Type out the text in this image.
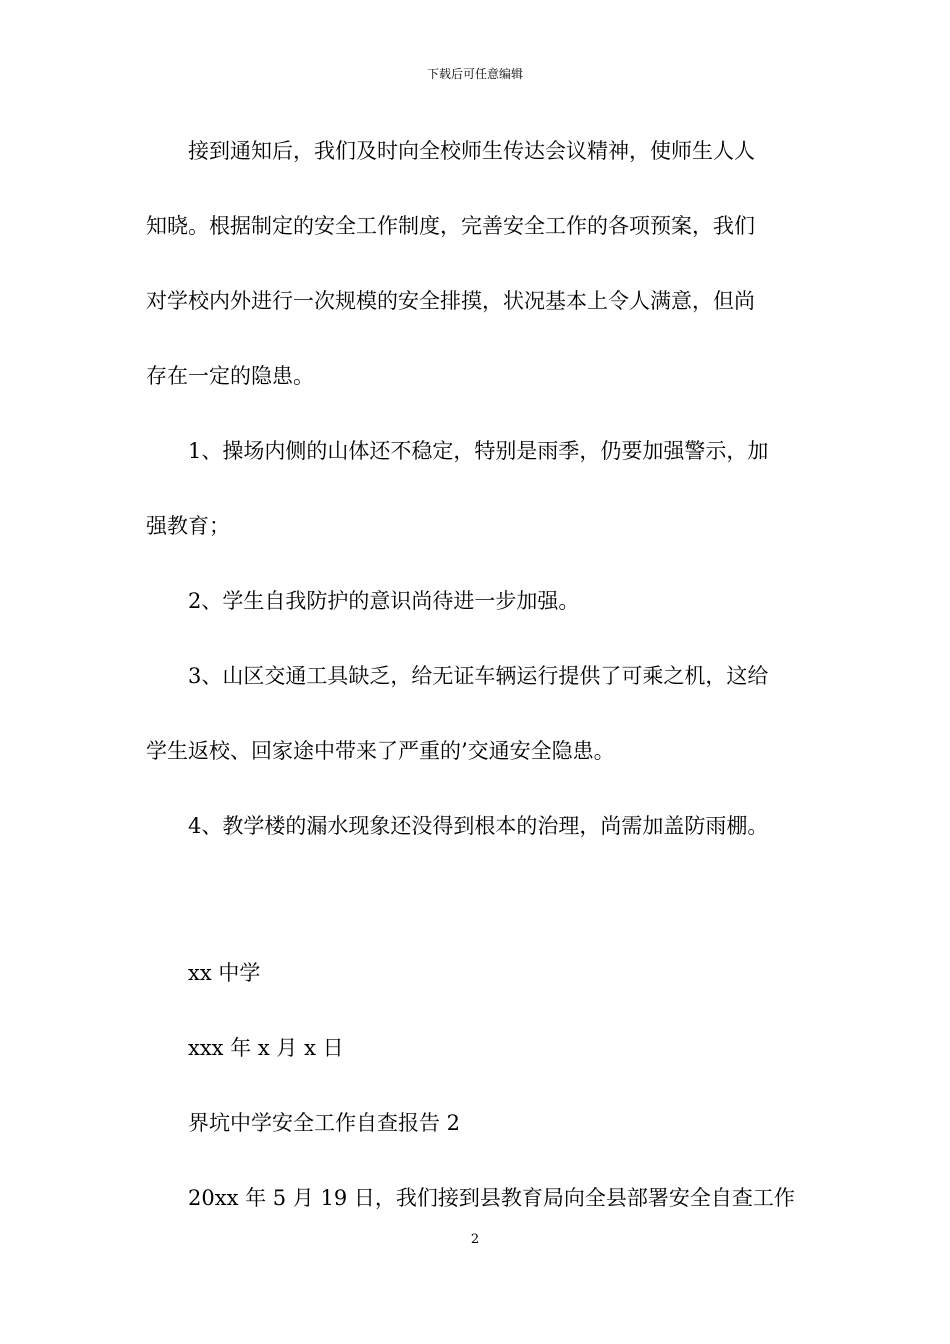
下载后可任意编辑
接到通知后，我们及时向全校师生传达会议精神，使师生人人
知晓。根据制定的安全工作制度，完善安全工作的各项预案，我们
对学校内外进行一次规模的安全排摸，状况基本上令人满意，但尚
存在一定的隐患。
1、操场内侧的山体还不稳定，特别是雨季，仍要加强警示，加
强教育；
2、学生自我防护的意识尚待进一步加强。
3、山区交通工具缺乏，给无证车辆运行提供了可乘之机，这给
学生返校、回家途中带来了严重的’交通安全隐患。
4、教学楼的漏水现象还没得到根本的治理，尚需加盖防雨棚。
xx 中学
xxx 年 x 月 x 日
界坑中学安全工作自查报告 2
20xx 年 5 月 19 日，我们接到县教育局向全县部署安全自查工作
2
